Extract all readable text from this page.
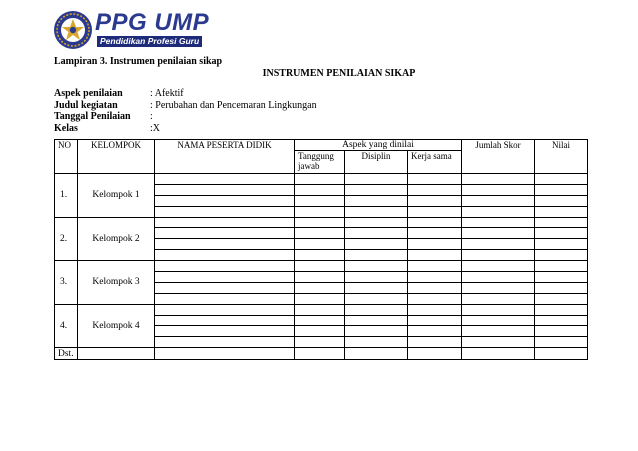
PPG UMP
Pendidikan Profesi Guru
Lampiran 3. Instrumen penilaian sikap
INSTRUMEN PENILAIAN SIKAP
Aspek penilaian	: Afektif
Judul kegiatan	: Perubahan dan Pencemaran Lingkungan
Tanggal Penilaian :
Kelas	:X
NO	KELOMPOK	NAMA PESERTA DIDIK	Aspek yang dinilai			Jumlah Skor	Nilai
			Tanggung jawab	Disiplin	Kerja sama		
1.	Kelompok 1						

2.	Kelompok 2						

3.	Kelompok 3						

4.	Kelompok 4						

Dst.							
